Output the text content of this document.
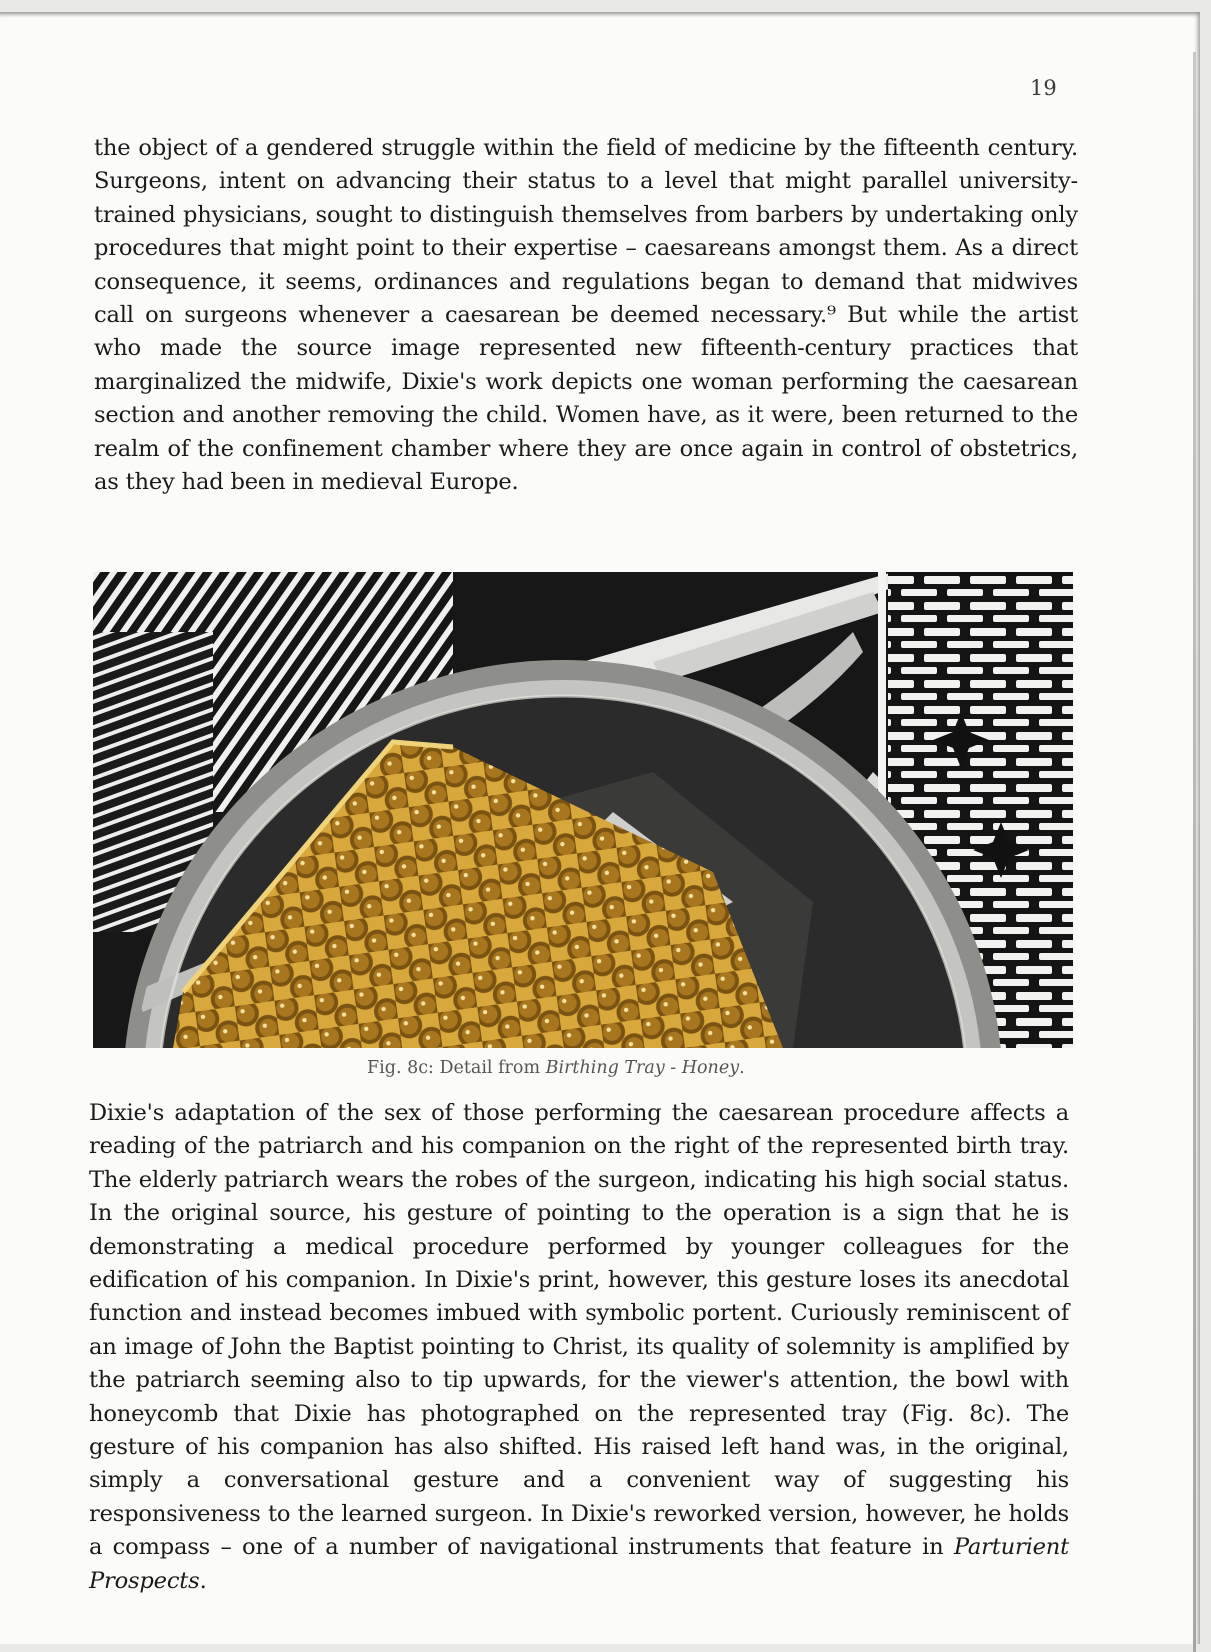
19

the object of a gendered struggle within the field of medicine by the fifteenth century. Surgeons, intent on advancing their status to a level that might parallel university-trained physicians, sought to distinguish themselves from barbers by undertaking only procedures that might point to their expertise – caesareans amongst them. As a direct consequence, it seems, ordinances and regulations began to demand that midwives call on surgeons whenever a caesarean be deemed necessary.⁹ But while the artist who made the source image represented new fifteenth-century practices that marginalized the midwife, Dixie's work depicts one woman performing the caesarean section and another removing the child. Women have, as it were, been returned to the realm of the confinement chamber where they are once again in control of obstetrics, as they had been in medieval Europe.

Fig. 8c: Detail from Birthing Tray - Honey.

Dixie's adaptation of the sex of those performing the caesarean procedure affects a reading of the patriarch and his companion on the right of the represented birth tray. The elderly patriarch wears the robes of the surgeon, indicating his high social status. In the original source, his gesture of pointing to the operation is a sign that he is demonstrating a medical procedure performed by younger colleagues for the edification of his companion. In Dixie's print, however, this gesture loses its anecdotal function and instead becomes imbued with symbolic portent. Curiously reminiscent of an image of John the Baptist pointing to Christ, its quality of solemnity is amplified by the patriarch seeming also to tip upwards, for the viewer's attention, the bowl with honeycomb that Dixie has photographed on the represented tray (Fig. 8c). The gesture of his companion has also shifted. His raised left hand was, in the original, simply a conversational gesture and a convenient way of suggesting his responsiveness to the learned surgeon. In Dixie's reworked version, however, he holds a compass – one of a number of navigational instruments that feature in Parturient Prospects.
